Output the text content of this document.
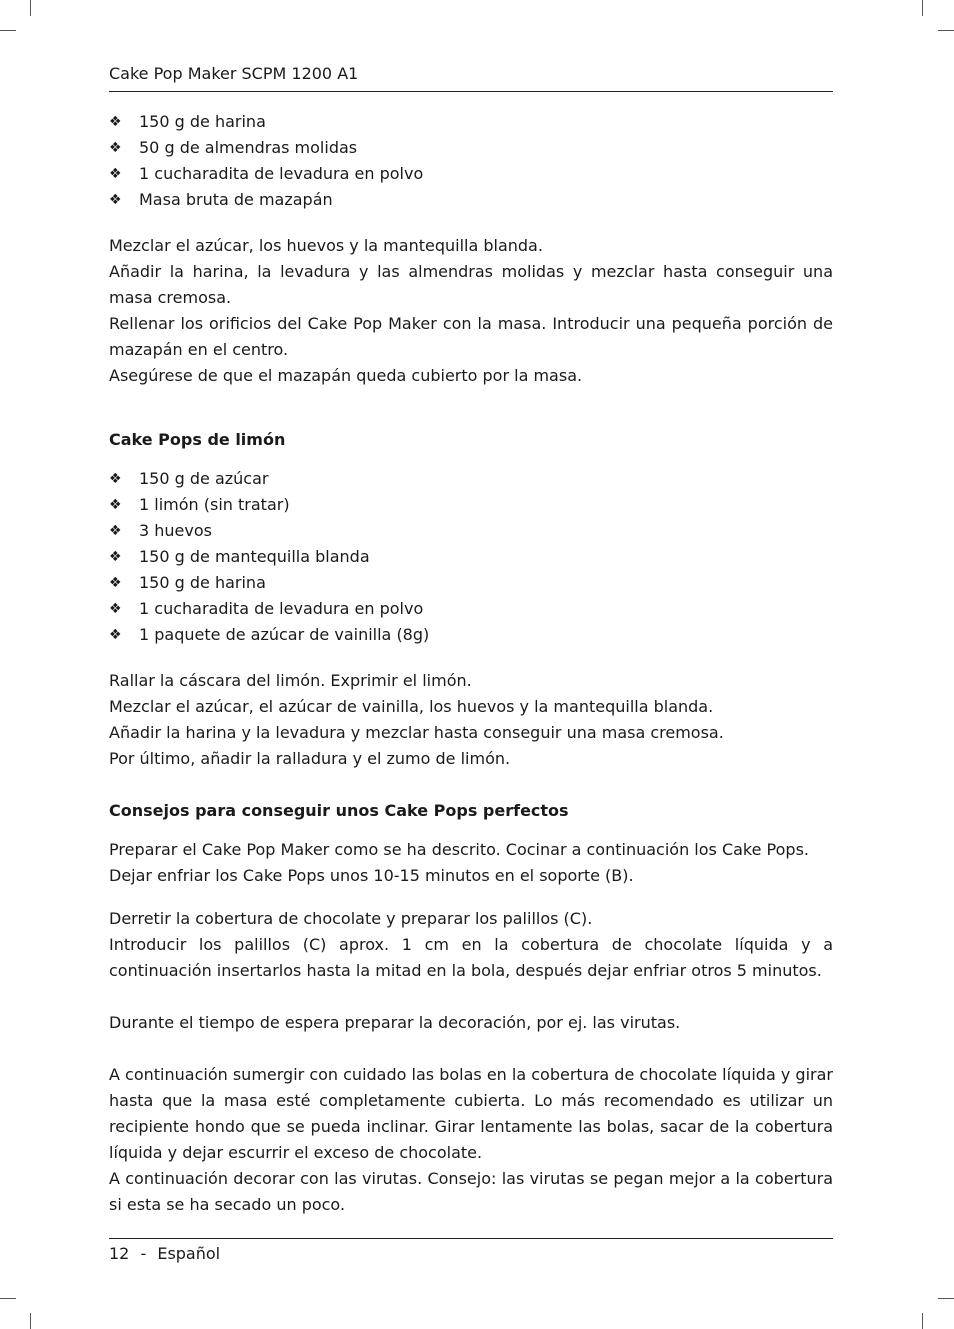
Cake Pop Maker SCPM 1200 A1
❖ 150 g de harina
❖ 50 g de almendras molidas
❖ 1 cucharadita de levadura en polvo
❖ Masa bruta de mazapán

Mezclar el azúcar, los huevos y la mantequilla blanda.

Añadir la harina, la levadura y las almendras molidas y mezclar hasta conseguir una masa cremosa.

Rellenar los orificios del Cake Pop Maker con la masa. Introducir una pequeña porción de mazapán en el centro.

Asegúrese de que el mazapán queda cubierto por la masa.

Cake Pops de limón
❖ 150 g de azúcar
❖ 1 limón (sin tratar)
❖ 3 huevos
❖ 150 g de mantequilla blanda
❖ 150 g de harina
❖ 1 cucharadita de levadura en polvo
❖ 1 paquete de azúcar de vainilla (8g)

Rallar la cáscara del limón. Exprimir el limón.

Mezclar el azúcar, el azúcar de vainilla, los huevos y la mantequilla blanda.

Añadir la harina y la levadura y mezclar hasta conseguir una masa cremosa.

Por último, añadir la ralladura y el zumo de limón.

Consejos para conseguir unos Cake Pops perfectos

Preparar el Cake Pop Maker como se ha descrito. Cocinar a continuación los Cake Pops.

Dejar enfriar los Cake Pops unos 10-15 minutos en el soporte (B).

Derretir la cobertura de chocolate y preparar los palillos (C).

Introducir los palillos (C) aprox. 1 cm en la cobertura de chocolate líquida y a continuación insertarlos hasta la mitad en la bola, después dejar enfriar otros 5 minutos.

Durante el tiempo de espera preparar la decoración, por ej. las virutas.

A continuación sumergir con cuidado las bolas en la cobertura de chocolate líquida y girar hasta que la masa esté completamente cubierta. Lo más recomendado es utilizar un recipiente hondo que se pueda inclinar. Girar lentamente las bolas, sacar de la cobertura líquida y dejar escurrir el exceso de chocolate.

A continuación decorar con las virutas. Consejo: las virutas se pegan mejor a la cobertura si esta se ha secado un poco.

12 - Español
